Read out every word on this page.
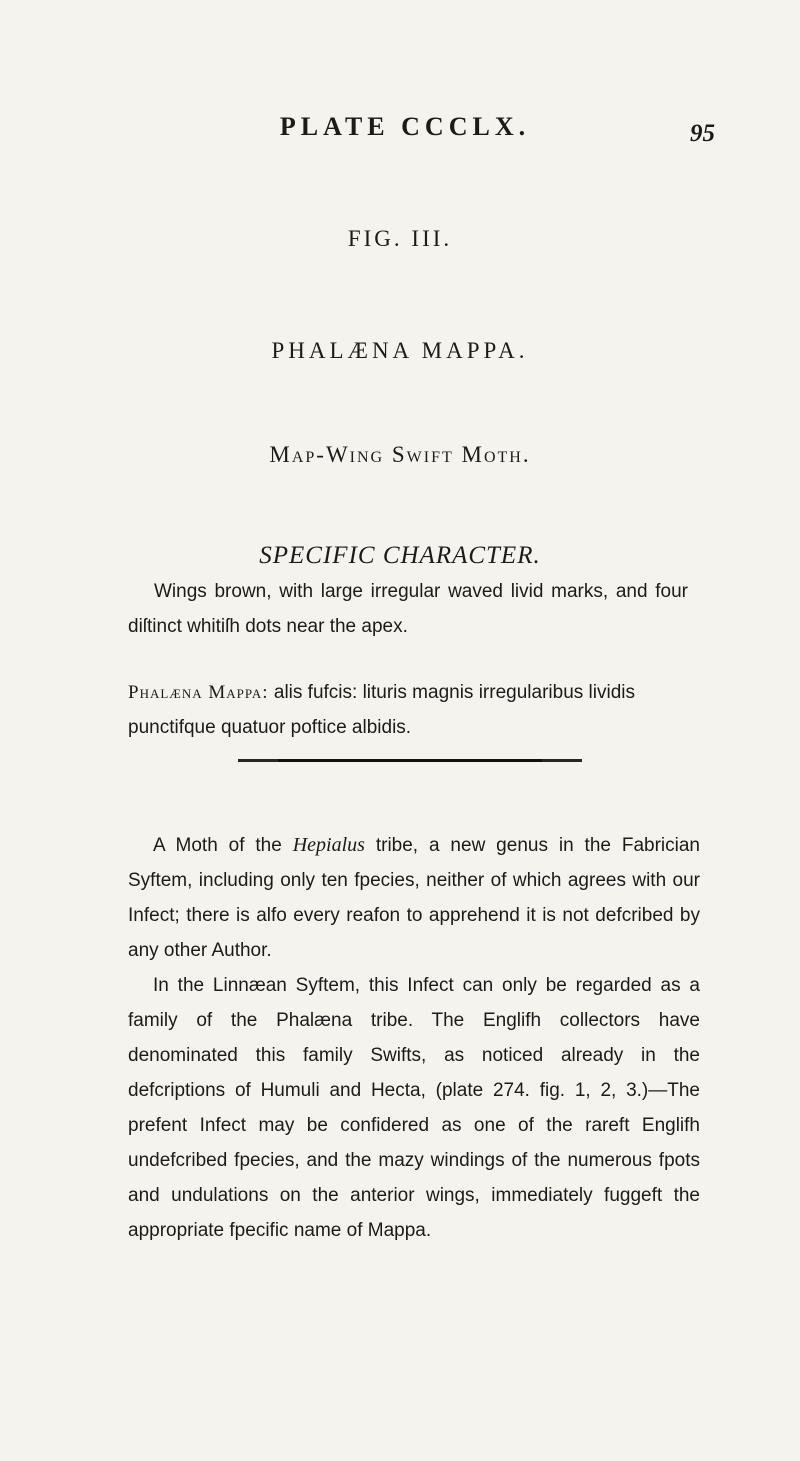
PLATE CCCLX.	95
FIG. III.
PHALÆNA MAPPA.
Map-Wing Swift Moth.
SPECIFIC CHARACTER.

Wings brown, with large irregular waved livid marks, and four diſtinct whitiſh dots near the apex.

Phalæna Mappa: alis fufcis: lituris magnis irregularibus lividis punctifque quatuor poftice albidis.

A Moth of the Hepialus tribe, a new genus in the Fabrician Syftem, including only ten fpecies, neither of which agrees with our Infect; there is alfo every reafon to apprehend it is not defcribed by any other Author.

In the Linnæan Syftem, this Infect can only be regarded as a family of the Phalæna tribe. The Englifh collectors have denominated this family Swifts, as noticed already in the defcriptions of Humuli and Hecta, (plate 274. fig. 1, 2, 3.)—The prefent Infect may be confidered as one of the rareft Englifh undefcribed fpecies, and the mazy windings of the numerous fpots and undulations on the anterior wings, immediately fuggeft the appropriate fpecific name of Mappa.
